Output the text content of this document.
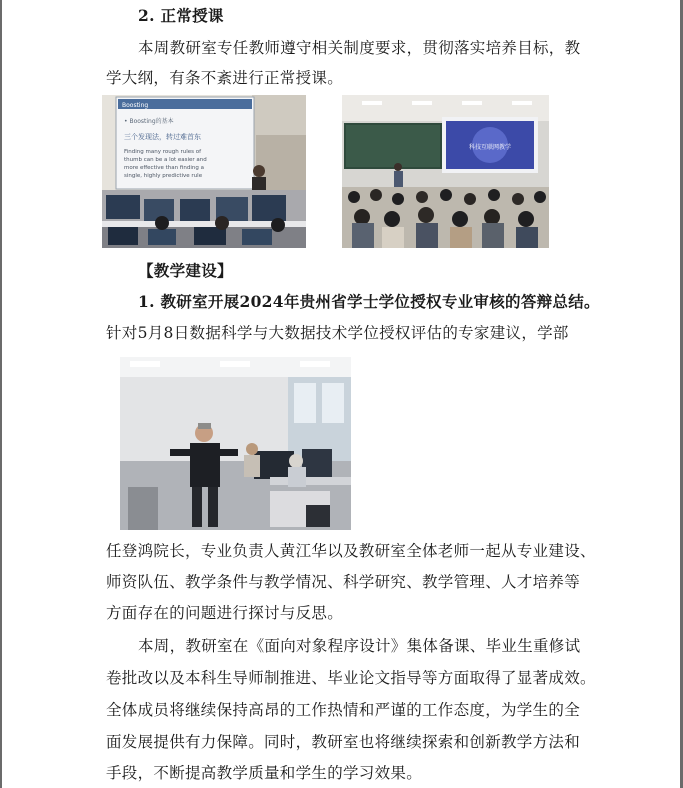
2. 正常授课
本周教研室专任教师遵守相关制度要求，贯彻落实培养目标，教
学大纲，有条不紊进行正常授课。
Boosting
• Boosting的基本
三个发现法，转过难首东
Finding many rough rules of
thumb can be a lot easier and
more effective than finding a
single, highly predictive rule
科技互联网教学
【教学建设】
1. 教研室开展2024年贵州省学士学位授权专业审核的答辩总结。
针对5月8日数据科学与大数据技术学位授权评估的专家建议，学部
任登鸿院长，专业负责人黄江华以及教研室全体老师一起从专业建设、
师资队伍、教学条件与教学情况、科学研究、教学管理、人才培养等
方面存在的问题进行探讨与反思。
本周，教研室在《面向对象程序设计》集体备课、毕业生重修试
卷批改以及本科生导师制推进、毕业论文指导等方面取得了显著成效。
全体成员将继续保持高昂的工作热情和严谨的工作态度，为学生的全
面发展提供有力保障。同时，教研室也将继续探索和创新教学方法和
手段，不断提高教学质量和学生的学习效果。
